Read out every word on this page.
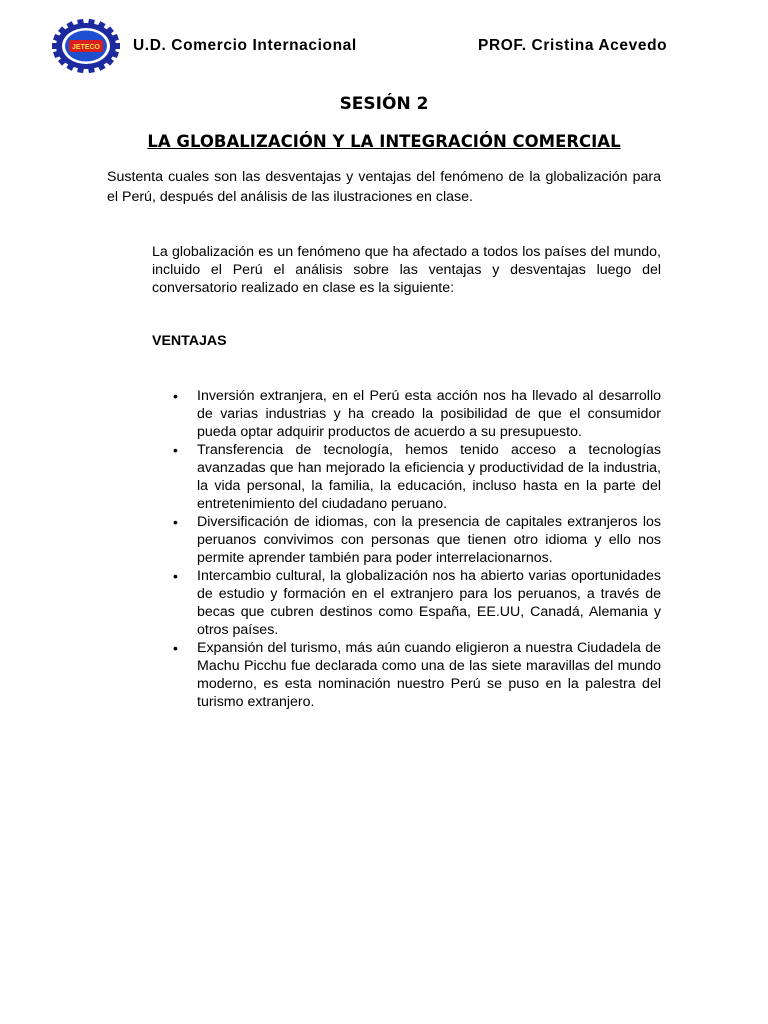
JETECO U.D. Comercio Internacional	PROF. Cristina Acevedo
SESIÓN 2
LA GLOBALIZACIÓN Y LA INTEGRACIÓN COMERCIAL

Sustenta cuales son las desventajas y ventajas del fenómeno de la globalización para el Perú, después del análisis de las ilustraciones en clase.

La globalización es un fenómeno que ha afectado a todos los países del mundo, incluido el Perú el análisis sobre las ventajas y desventajas luego del conversatorio realizado en clase es la siguiente:

VENTAJAS
• Inversión extranjera, en el Perú esta acción nos ha llevado al desarrollo de varias industrias y ha creado la posibilidad de que el consumidor pueda optar adquirir productos de acuerdo a su presupuesto.
• Transferencia de tecnología, hemos tenido acceso a tecnologías avanzadas que han mejorado la eficiencia y productividad de la industria, la vida personal, la familia, la educación, incluso hasta en la parte del entretenimiento del ciudadano peruano.
• Diversificación de idiomas, con la presencia de capitales extranjeros los peruanos convivimos con personas que tienen otro idioma y ello nos permite aprender también para poder interrelacionarnos.
• Intercambio cultural, la globalización nos ha abierto varias oportunidades de estudio y formación en el extranjero para los peruanos, a través de becas que cubren destinos como España, EE.UU, Canadá, Alemania y otros países.
• Expansión del turismo, más aún cuando eligieron a nuestra Ciudadela de Machu Picchu fue declarada como una de las siete maravillas del mundo moderno, es esta nominación nuestro Perú se puso en la palestra del turismo extranjero.
